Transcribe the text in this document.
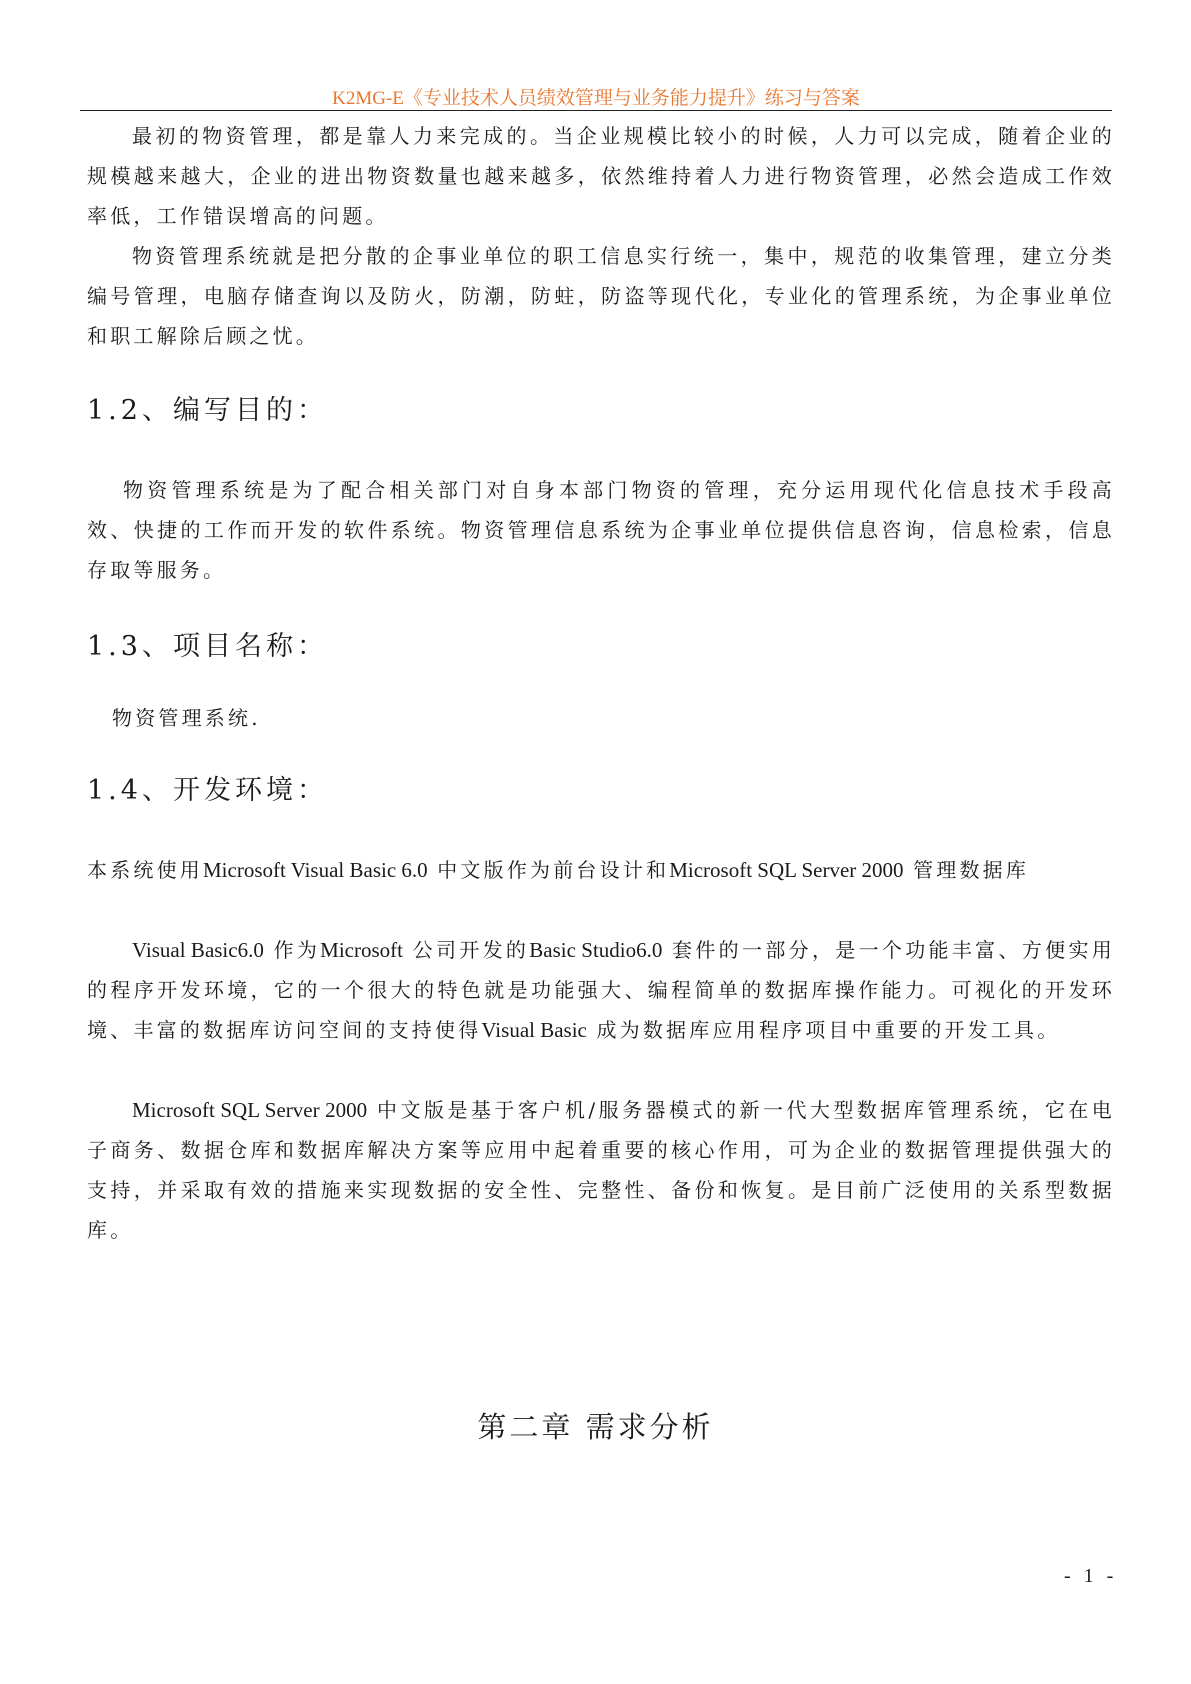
K2MG-E《专业技术人员绩效管理与业务能力提升》练习与答案

最初的物资管理，都是靠人力来完成的。当企业规模比较小的时候，人力可以完成，随着企业的规模越来越大，企业的进出物资数量也越来越多，依然维持着人力进行物资管理，必然会造成工作效率低，工作错误增高的问题。

物资管理系统就是把分散的企事业单位的职工信息实行统一，集中，规范的收集管理，建立分类编号管理，电脑存储查询以及防火，防潮，防蛀，防盗等现代化，专业化的管理系统，为企事业单位和职工解除后顾之忧。

1.2、编写目的：

物资管理系统是为了配合相关部门对自身本部门物资的管理，充分运用现代化信息技术手段高效、快捷的工作而开发的软件系统。物资管理信息系统为企事业单位提供信息咨询，信息检索，信息存取等服务。

1.3、项目名称：

物资管理系统.

1.4、开发环境：

本系统使用Microsoft Visual Basic 6.0 中文版作为前台设计和Microsoft SQL Server 2000 管理数据库

Visual Basic6.0 作为Microsoft 公司开发的Basic Studio6.0 套件的一部分，是一个功能丰富、方便实用的程序开发环境，它的一个很大的特色就是功能强大、编程简单的数据库操作能力。可视化的开发环境、丰富的数据库访问空间的支持使得Visual Basic 成为数据库应用程序项目中重要的开发工具。

Microsoft SQL Server 2000 中文版是基于客户机/服务器模式的新一代大型数据库管理系统，它在电子商务、数据仓库和数据库解决方案等应用中起着重要的核心作用，可为企业的数据管理提供强大的支持，并采取有效的措施来实现数据的安全性、完整性、备份和恢复。是目前广泛使用的关系型数据库。

第二章 需求分析
- 1 -
